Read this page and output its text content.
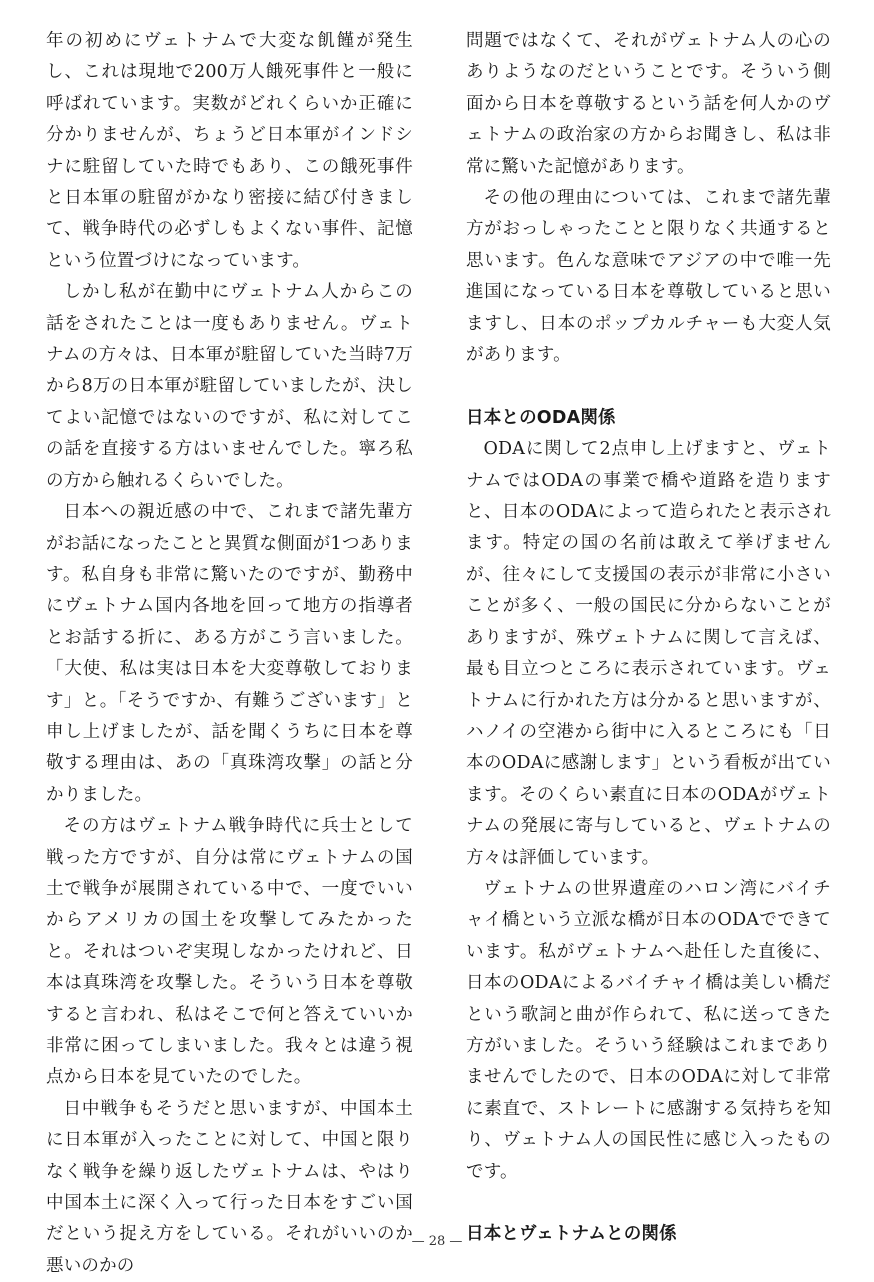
年の初めにヴェトナムで大変な飢饉が発生し、これは現地で200万人餓死事件と一般に呼ばれています。実数がどれくらいか正確に分かりませんが、ちょうど日本軍がインドシナに駐留していた時でもあり、この餓死事件と日本軍の駐留がかなり密接に結び付きまして、戦争時代の必ずしもよくない事件、記憶という位置づけになっています。

しかし私が在勤中にヴェトナム人からこの話をされたことは一度もありません。ヴェトナムの方々は、日本軍が駐留していた当時7万から8万の日本軍が駐留していましたが、決してよい記憶ではないのですが、私に対してこの話を直接する方はいませんでした。寧ろ私の方から触れるくらいでした。

日本への親近感の中で、これまで諸先輩方がお話になったことと異質な側面が1つあります。私自身も非常に驚いたのですが、勤務中にヴェトナム国内各地を回って地方の指導者とお話する折に、ある方がこう言いました。「大使、私は実は日本を大変尊敬しております」と。「そうですか、有難うございます」と申し上げましたが、話を聞くうちに日本を尊敬する理由は、あの「真珠湾攻撃」の話と分かりました。

その方はヴェトナム戦争時代に兵士として戦った方ですが、自分は常にヴェトナムの国土で戦争が展開されている中で、一度でいいからアメリカの国土を攻撃してみたかったと。それはついぞ実現しなかったけれど、日本は真珠湾を攻撃した。そういう日本を尊敬すると言われ、私はそこで何と答えていいか非常に困ってしまいました。我々とは違う視点から日本を見ていたのでした。

日中戦争もそうだと思いますが、中国本土に日本軍が入ったことに対して、中国と限りなく戦争を繰り返したヴェトナムは、やはり中国本土に深く入って行った日本をすごい国だという捉え方をしている。それがいいのか悪いのかの

問題ではなくて、それがヴェトナム人の心のありようなのだということです。そういう側面から日本を尊敬するという話を何人かのヴェトナムの政治家の方からお聞きし、私は非常に驚いた記憶があります。

その他の理由については、これまで諸先輩方がおっしゃったことと限りなく共通すると思います。色んな意味でアジアの中で唯一先進国になっている日本を尊敬していると思いますし、日本のポップカルチャーも大変人気があります。

日本とのODA関係

ODAに関して2点申し上げますと、ヴェトナムではODAの事業で橋や道路を造りますと、日本のODAによって造られたと表示されます。特定の国の名前は敢えて挙げませんが、往々にして支援国の表示が非常に小さいことが多く、一般の国民に分からないことがありますが、殊ヴェトナムに関して言えば、最も目立つところに表示されています。ヴェトナムに行かれた方は分かると思いますが、ハノイの空港から街中に入るところにも「日本のODAに感謝します」という看板が出ています。そのくらい素直に日本のODAがヴェトナムの発展に寄与していると、ヴェトナムの方々は評価しています。

ヴェトナムの世界遺産のハロン湾にバイチャイ橋という立派な橋が日本のODAでできています。私がヴェトナムへ赴任した直後に、日本のODAによるバイチャイ橋は美しい橋だという歌詞と曲が作られて、私に送ってきた方がいました。そういう経験はこれまでありませんでしたので、日本のODAに対して非常に素直で、ストレートに感謝する気持ちを知り、ヴェトナム人の国民性に感じ入ったものです。

日本とヴェトナムとの関係
— 28 —
